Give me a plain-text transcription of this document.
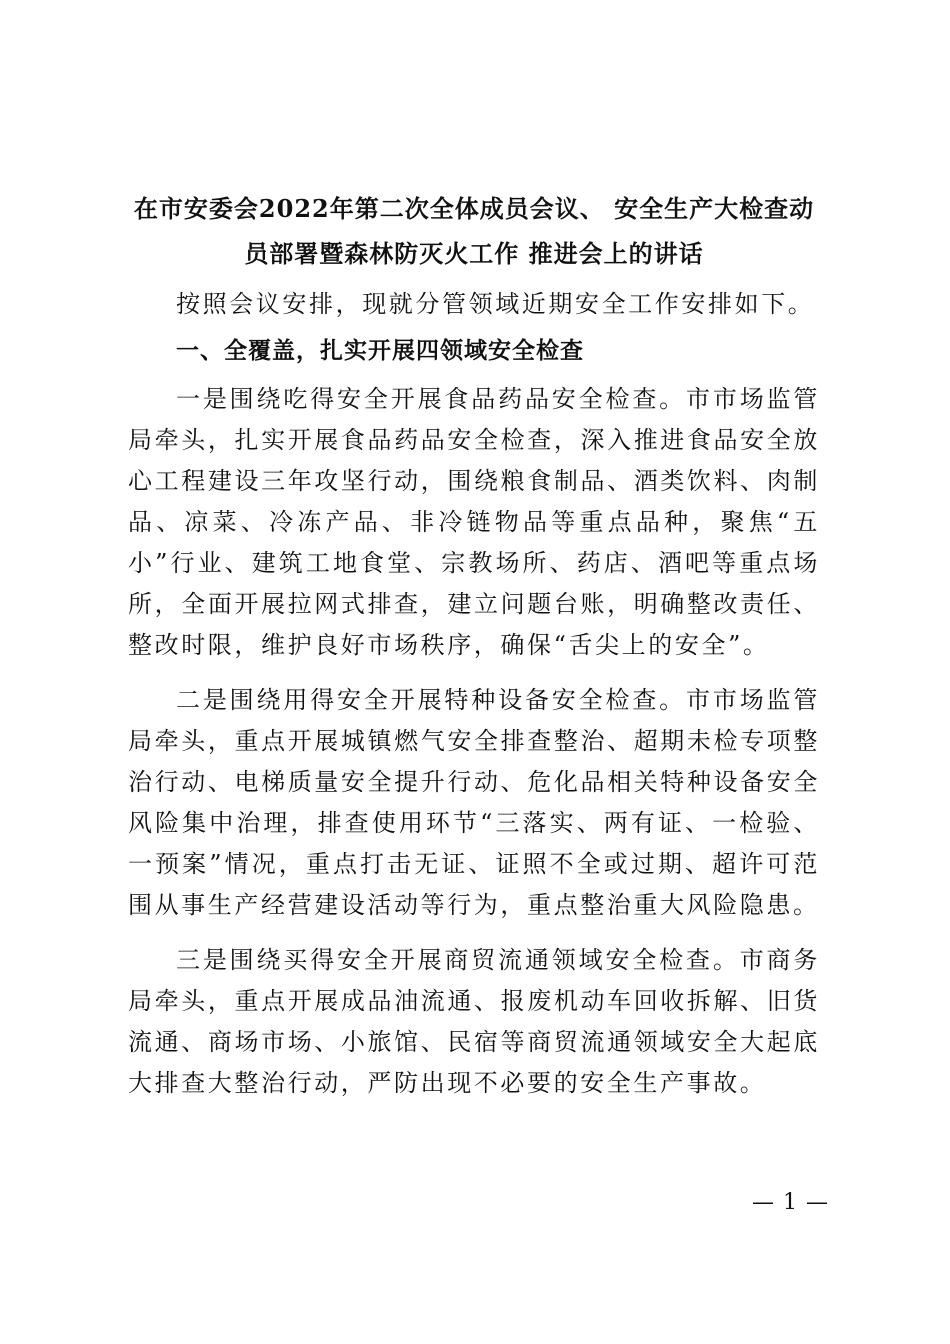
在市安委会2022年第二次全体成员会议、 安全生产大检查动
员部署暨森林防灭火工作 推进会上的讲话

按照会议安排，现就分管领域近期安全工作安排如下。

一、全覆盖，扎实开展四领域安全检查

一是围绕吃得安全开展食品药品安全检查。市市场监管局牵头，扎实开展食品药品安全检查，深入推进食品安全放心工程建设三年攻坚行动，围绕粮食制品、酒类饮料、肉制品、凉菜、冷冻产品、非冷链物品等重点品种，聚焦“五小”行业、建筑工地食堂、宗教场所、药店、酒吧等重点场所，全面开展拉网式排查，建立问题台账，明确整改责任、整改时限，维护良好市场秩序，确保“舌尖上的安全”。

二是围绕用得安全开展特种设备安全检查。市市场监管局牵头，重点开展城镇燃气安全排查整治、超期未检专项整治行动、电梯质量安全提升行动、危化品相关特种设备安全风险集中治理，排查使用环节“三落实、两有证、一检验、一预案”情况，重点打击无证、证照不全或过期、超许可范围从事生产经营建设活动等行为，重点整治重大风险隐患。

三是围绕买得安全开展商贸流通领域安全检查。市商务局牵头，重点开展成品油流通、报废机动车回收拆解、旧货流通、商场市场、小旅馆、民宿等商贸流通领域安全大起底大排查大整治行动，严防出现不必要的安全生产事故。

— 1 —
